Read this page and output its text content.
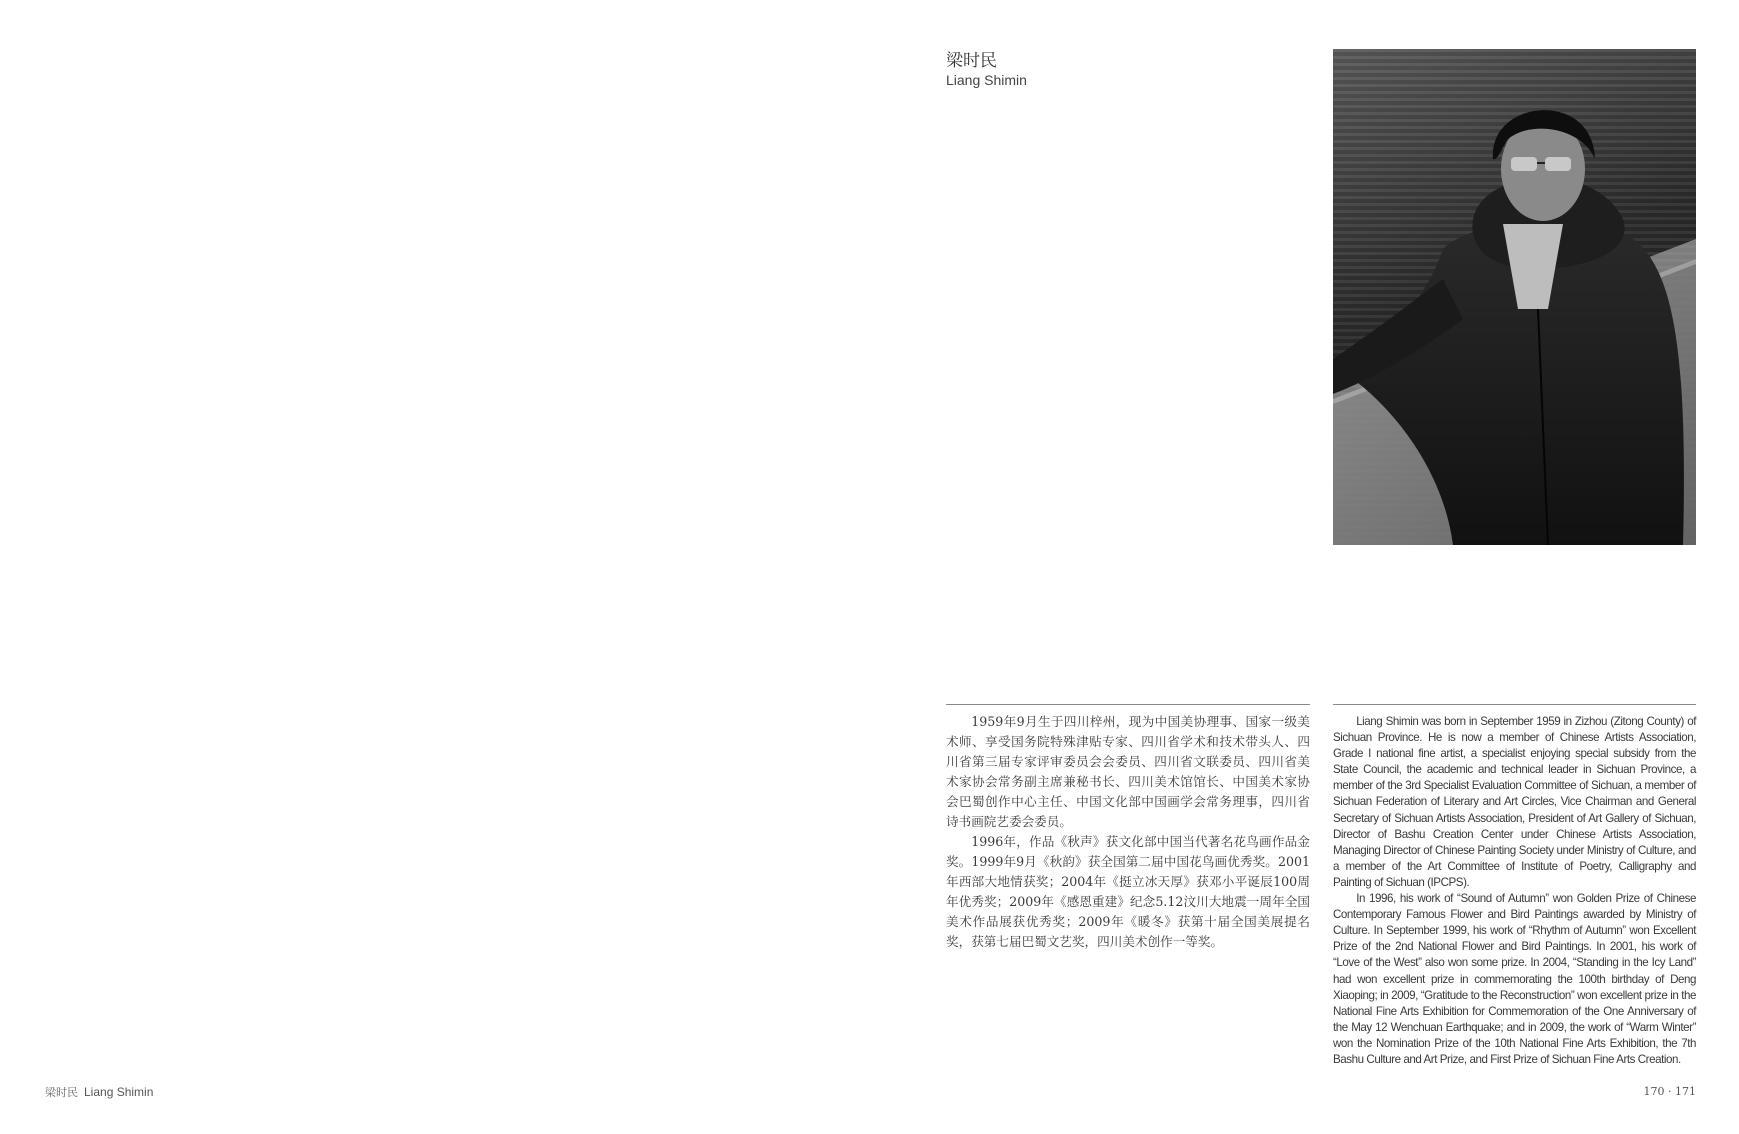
梁时民
Liang Shimin

1959年9月生于四川梓州，现为中国美协理事、国家一级美术师、享受国务院特殊津贴专家、四川省学术和技术带头人、四川省第三届专家评审委员会会委员、四川省文联委员、四川省美术家协会常务副主席兼秘书长、四川美术馆馆长、中国美术家协会巴蜀创作中心主任、中国文化部中国画学会常务理事，四川省诗书画院艺委会委员。

1996年，作品《秋声》获文化部中国当代著名花鸟画作品金奖。1999年9月《秋韵》获全国第二届中国花鸟画优秀奖。2001年西部大地情获奖；2004年《挺立冰天厚》获邓小平诞辰100周年优秀奖；2009年《感恩重建》纪念5.12汶川大地震一周年全国美术作品展获优秀奖；2009年《暖冬》获第十届全国美展提名奖，获第七届巴蜀文艺奖，四川美术创作一等奖。

Liang Shimin was born in September 1959 in Zizhou (Zitong County) of Sichuan Province. He is now a member of Chinese Artists Association, Grade I national fine artist, a specialist enjoying special subsidy from the State Council, the academic and technical leader in Sichuan Province, a member of the 3rd Specialist Evaluation Committee of Sichuan, a member of Sichuan Federation of Literary and Art Circles, Vice Chairman and General Secretary of Sichuan Artists Association, President of Art Gallery of Sichuan, Director of Bashu Creation Center under Chinese Artists Association, Managing Director of Chinese Painting Society under Ministry of Culture, and a member of the Art Committee of Institute of Poetry, Calligraphy and Painting of Sichuan (IPCPS).

In 1996, his work of “Sound of Autumn” won Golden Prize of Chinese Contemporary Famous Flower and Bird Paintings awarded by Ministry of Culture. In September 1999, his work of “Rhythm of Autumn” won Excellent Prize of the 2nd National Flower and Bird Paintings. In 2001, his work of “Love of the West” also won some prize. In 2004, “Standing in the Icy Land” had won excellent prize in commemorating the 100th birthday of Deng Xiaoping; in 2009, “Gratitude to the Reconstruction” won excellent prize in the National Fine Arts Exhibition for Commemoration of the One Anniversary of the May 12 Wenchuan Earthquake; and in 2009, the work of “Warm Winter” won the Nomination Prize of the 10th National Fine Arts Exhibition, the 7th Bashu Culture and Art Prize, and First Prize of Sichuan Fine Arts Creation.

梁时民 Liang Shimin	170 · 171
